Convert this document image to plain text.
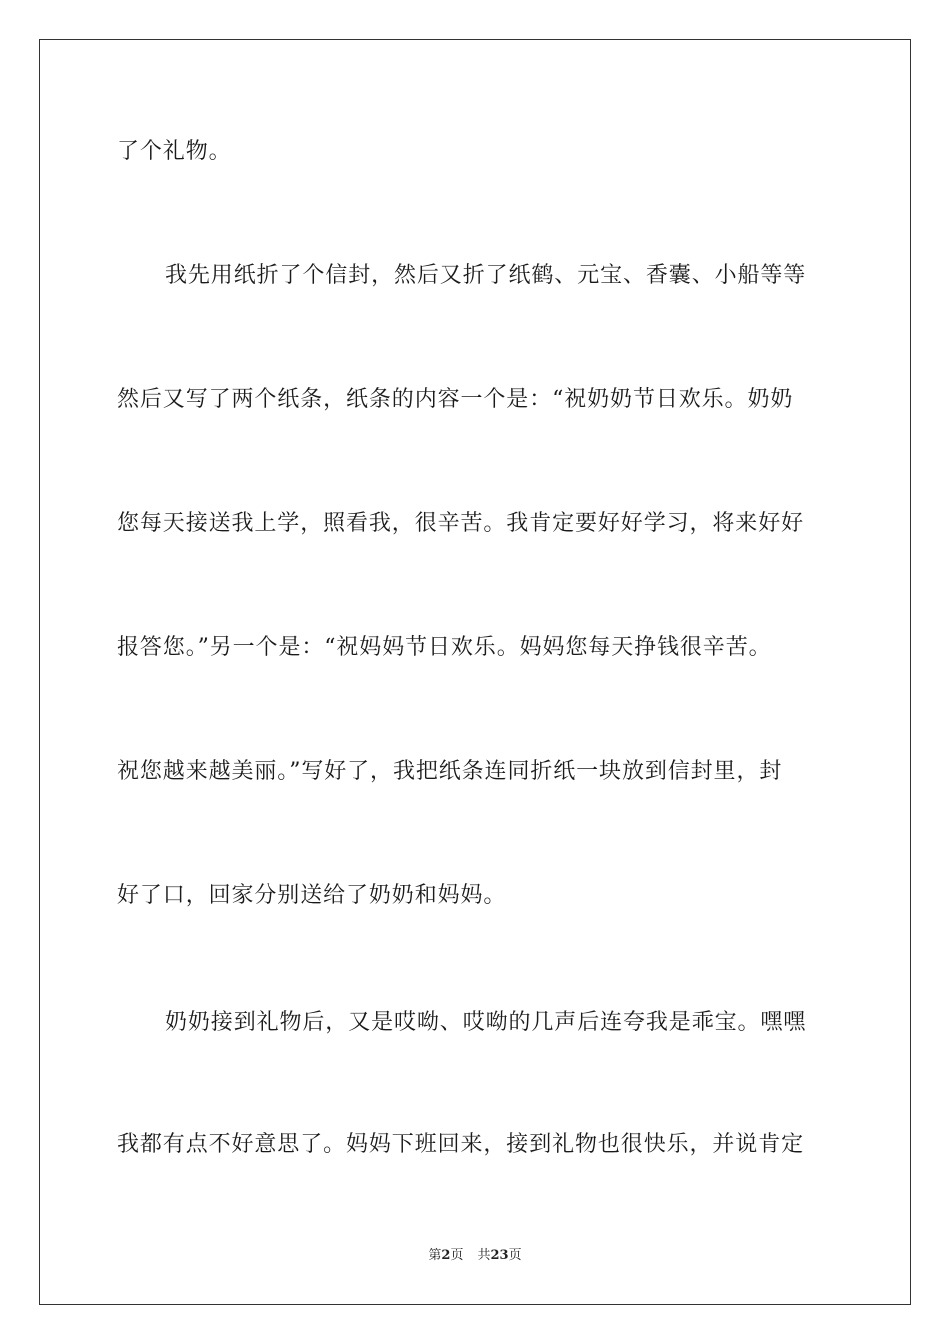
了个礼物。
我先用纸折了个信封，然后又折了纸鹤、元宝、香囊、小船等等
然后又写了两个纸条，纸条的内容一个是：“祝奶奶节日欢乐。奶奶
您每天接送我上学，照看我，很辛苦。我肯定要好好学习，将来好好
报答您。”另一个是：“祝妈妈节日欢乐。妈妈您每天挣钱很辛苦。
祝您越来越美丽。”写好了，我把纸条连同折纸一块放到信封里，封
好了口，回家分别送给了奶奶和妈妈。
奶奶接到礼物后，又是哎呦、哎呦的几声后连夸我是乖宝。嘿嘿
我都有点不好意思了。妈妈下班回来，接到礼物也很快乐，并说肯定
第2页 共23页
